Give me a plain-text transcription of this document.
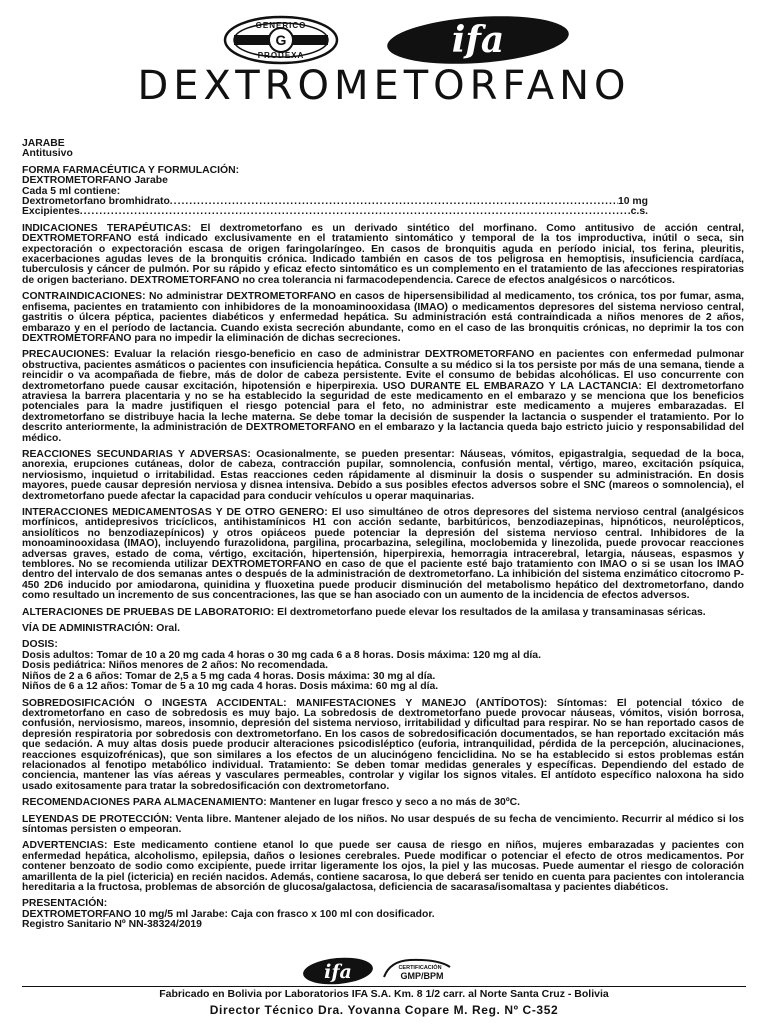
G
GENERICO
PRODEXA	ifa
DEXTROMETORFANO

JARABE
Antitusivo

FORMA FARMACÉUTICA Y FORMULACIÓN:
DEXTROMETORFANO Jarabe
Cada 5 ml contiene:
Dextrometorfano bromhidrato .....	10 mg
Excipientes .....	c.s.

INDICACIONES TERAPÉUTICAS: El dextrometorfano es un derivado sintético del morfinano. Como antitusivo de acción central, DEXTROMETORFANO está indicado exclusivamente en el tratamiento sintomático y temporal de la tos improductiva, inútil o seca, sin expectoración o expectoración escasa de origen faringolaríngeo. En casos de bronquitis aguda en período inicial, tos ferina, pleuritis, exacerbaciones agudas leves de la bronquitis crónica. Indicado también en casos de tos peligrosa en hemoptisis, insuficiencia cardíaca, tuberculosis y cáncer de pulmón. Por su rápido y eficaz efecto sintomático es un complemento en el tratamiento de las afecciones respiratorias de origen bacteriano. DEXTROMETORFANO no crea tolerancia ni farmacodependencia. Carece de efectos analgésicos o narcóticos.

CONTRAINDICACIONES: No administrar DEXTROMETORFANO en casos de hipersensibilidad al medicamento, tos crónica, tos por fumar, asma, enfisema, pacientes en tratamiento con inhibidores de la monoaminooxidasa (IMAO) o medicamentos depresores del sistema nervioso central, gastritis o úlcera péptica, pacientes diabéticos y enfermedad hepática. Su administración está contraindicada a niños menores de 2 años, embarazo y en el período de lactancia. Cuando exista secreción abundante, como en el caso de las bronquitis crónicas, no deprimir la tos con DEXTROMETORFANO para no impedir la eliminación de dichas secreciones.

PRECAUCIONES: Evaluar la relación riesgo-beneficio en caso de administrar DEXTROMETORFANO en pacientes con enfermedad pulmonar obstructiva, pacientes asmáticos o pacientes con insuficiencia hepática. Consulte a su médico si la tos persiste por más de una semana, tiende a reincidir o va acompañada de fiebre, más de dolor de cabeza persistente. Evite el consumo de bebidas alcohólicas. El uso concurrente con dextrometorfano puede causar excitación, hipotensión e hiperpirexia. USO DURANTE EL EMBARAZO Y LA LACTANCIA: El dextrometorfano atraviesa la barrera placentaria y no se ha establecido la seguridad de este medicamento en el embarazo y se menciona que los beneficios potenciales para la madre justifiquen el riesgo potencial para el feto, no administrar este medicamento a mujeres embarazadas. El dextrometorfano se distribuye hacia la leche materna. Se debe tomar la decisión de suspender la lactancia o suspender el tratamiento. Por lo descrito anteriormente, la administración de DEXTROMETORFANO en el embarazo y la lactancia queda bajo estricto juicio y responsabilidad del médico.

REACCIONES SECUNDARIAS Y ADVERSAS: Ocasionalmente, se pueden presentar: Náuseas, vómitos, epigastralgia, sequedad de la boca, anorexia, erupciones cutáneas, dolor de cabeza, contracción pupilar, somnolencia, confusión mental, vértigo, mareo, excitación psíquica, nerviosismo, inquietud o irritabilidad. Estas reacciones ceden rápidamente al disminuir la dosis o suspender su administración. En dosis mayores, puede causar depresión nerviosa y disnea intensiva. Debido a sus posibles efectos adversos sobre el SNC (mareos o somnolencia), el dextrometorfano puede afectar la capacidad para conducir vehículos u operar maquinarias.

INTERACCIONES MEDICAMENTOSAS Y DE OTRO GENERO: El uso simultáneo de otros depresores del sistema nervioso central (analgésicos morfínicos, antidepresivos tricíclicos, antihistamínicos H1 con acción sedante, barbitúricos, benzodiazepinas, hipnóticos, neurolépticos, ansiolíticos no benzodiazepínicos) y otros opiáceos puede potenciar la depresión del sistema nervioso central. Inhibidores de la monoaminooxidasa (IMAO), incluyendo furazolidona, pargilina, procarbazina, selegilina, moclobemida y linezolida, puede provocar reacciones adversas graves, estado de coma, vértigo, excitación, hipertensión, hiperpirexia, hemorragia intracerebral, letargia, náuseas, espasmos y temblores. No se recomienda utilizar DEXTROMETORFANO en caso de que el paciente esté bajo tratamiento con IMAO o si se usan los IMAO dentro del intervalo de dos semanas antes o después de la administración de dextrometorfano. La inhibición del sistema enzimático citocromo P-450 2D6 inducido por amiodarona, quinidina y fluoxetina puede producir disminución del metabolismo hepático del dextrometorfano, dando como resultado un incremento de sus concentraciones, las que se han asociado con un aumento de la incidencia de efectos adversos.

ALTERACIONES DE PRUEBAS DE LABORATORIO: El dextrometorfano puede elevar los resultados de la amilasa y transaminasas séricas.

VÍA DE ADMINISTRACIÓN: Oral.

DOSIS:
Dosis adultos: Tomar de 10 a 20 mg cada 4 horas o 30 mg cada 6 a 8 horas. Dosis máxima: 120 mg al día.
Dosis pediátrica: Niños menores de 2 años: No recomendada.
Niños de 2 a 6 años: Tomar de 2,5 a 5 mg cada 4 horas. Dosis máxima: 30 mg al día.
Niños de 6 a 12 años: Tomar de 5 a 10 mg cada 4 horas. Dosis máxima: 60 mg al día.

SOBREDOSIFICACIÓN O INGESTA ACCIDENTAL: MANIFESTACIONES Y MANEJO (ANTÍDOTOS): Síntomas: El potencial tóxico de dextrometorfano en caso de sobredosis es muy bajo. La sobredosis de dextrometorfano puede provocar náuseas, vómitos, visión borrosa, confusión, nerviosismo, mareos, insomnio, depresión del sistema nervioso, irritabilidad y dificultad para respirar. No se han reportado casos de depresión respiratoria por sobredosis con dextrometorfano. En los casos de sobredosificación documentados, se han reportado excitación más que sedación. A muy altas dosis puede producir alteraciones psicodisléptico (euforia, intranquilidad, pérdida de la percepción, alucinaciones, reacciones esquizofrénicas), que son similares a los efectos de un alucinógeno fenciclidina. No se ha establecido si estos problemas están relacionados al fenotipo metabólico individual. Tratamiento: Se deben tomar medidas generales y específicas. Dependiendo del estado de conciencia, mantener las vías aéreas y vasculares permeables, controlar y vigilar los signos vitales. El antídoto específico naloxona ha sido usado exitosamente para tratar la sobredosificación con dextrometorfano.

RECOMENDACIONES PARA ALMACENAMIENTO: Mantener en lugar fresco y seco a no más de 30ºC.

LEYENDAS DE PROTECCIÓN: Venta libre. Mantener alejado de los niños. No usar después de su fecha de vencimiento. Recurrir al médico si los síntomas persisten o empeoran.

ADVERTENCIAS: Este medicamento contiene etanol lo que puede ser causa de riesgo en niños, mujeres embarazadas y pacientes con enfermedad hepática, alcoholismo, epilepsia, daños o lesiones cerebrales. Puede modificar o potenciar el efecto de otros medicamentos. Por contener benzoato de sodio como excipiente, puede irritar ligeramente los ojos, la piel y las mucosas. Puede aumentar el riesgo de coloración amarillenta de la piel (ictericia) en recién nacidos. Además, contiene sacarosa, lo que deberá ser tenido en cuenta para pacientes con intolerancia hereditaria a la fructosa, problemas de absorción de glucosa/galactosa, deficiencia de sacarasa/isomaltasa y pacientes diabéticos.

PRESENTACIÓN:
DEXTROMETORFANO 10 mg/5 ml Jarabe: Caja con frasco x 100 ml con dosificador.
Registro Sanitario Nº NN-38324/2019

ifa	CERTIFICACIÓN
GMP/BPM
Fabricado en Bolivia por Laboratorios IFA S.A. Km. 8 1/2 carr. al Norte Santa Cruz - Bolivia
Director Técnico Dra. Yovanna Copare M. Reg. Nº C-352
